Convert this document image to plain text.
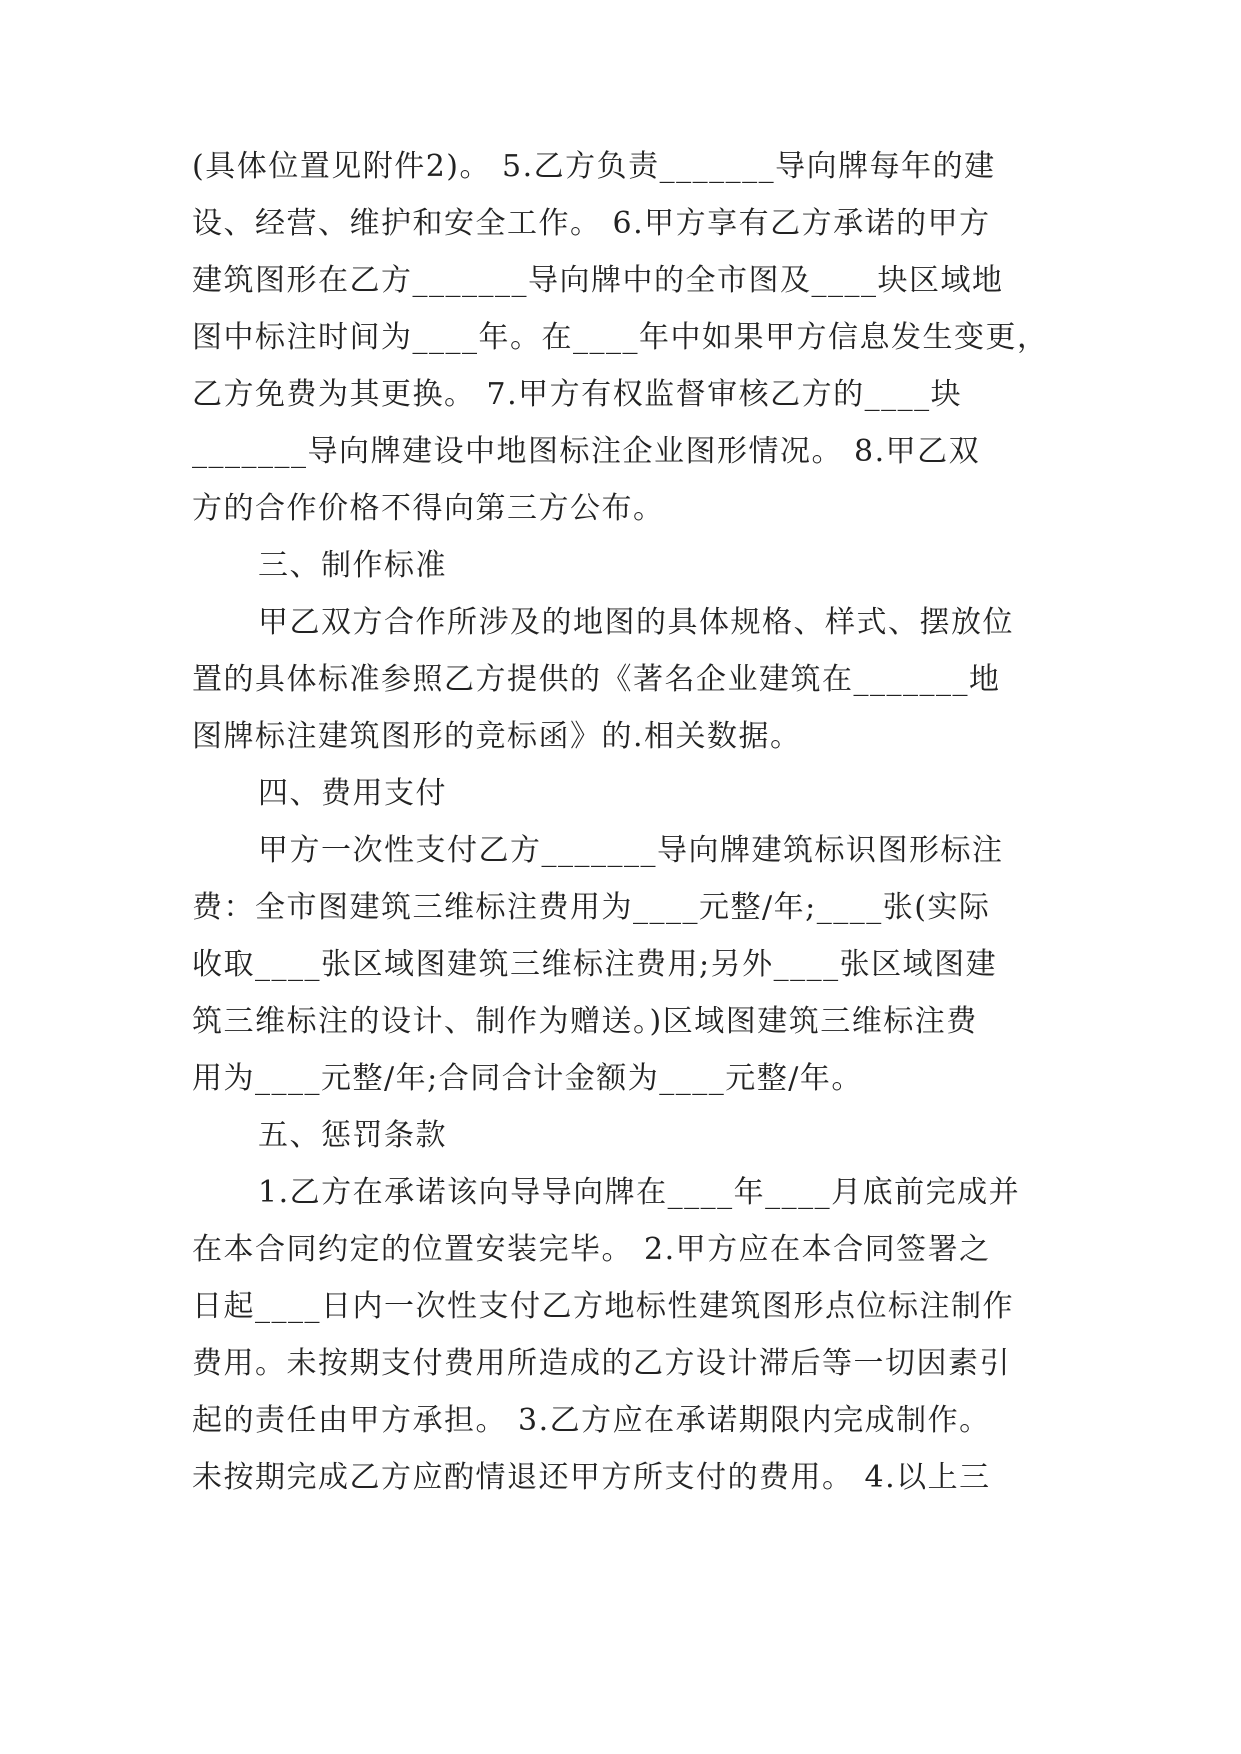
(具体位置见附件2)。 5.乙方负责_______导向牌每年的建
设、经营、维护和安全工作。 6.甲方享有乙方承诺的甲方
建筑图形在乙方_______导向牌中的全市图及____块区域地
图中标注时间为____年。在____年中如果甲方信息发生变更，
乙方免费为其更换。 7.甲方有权监督审核乙方的____块
_______导向牌建设中地图标注企业图形情况。 8.甲乙双
方的合作价格不得向第三方公布。
三、制作标准
甲乙双方合作所涉及的地图的具体规格、样式、摆放位
置的具体标准参照乙方提供的《著名企业建筑在_______地
图牌标注建筑图形的竞标函》的.相关数据。
四、费用支付
甲方一次性支付乙方_______导向牌建筑标识图形标注
费：全市图建筑三维标注费用为____元整/年;____张(实际
收取____张区域图建筑三维标注费用;另外____张区域图建
筑三维标注的设计、制作为赠送。)区域图建筑三维标注费
用为____元整/年;合同合计金额为____元整/年。
五、惩罚条款
1.乙方在承诺该向导导向牌在____年____月底前完成并
在本合同约定的位置安装完毕。 2.甲方应在本合同签署之
日起____日内一次性支付乙方地标性建筑图形点位标注制作
费用。未按期支付费用所造成的乙方设计滞后等一切因素引
起的责任由甲方承担。 3.乙方应在承诺期限内完成制作。
未按期完成乙方应酌情退还甲方所支付的费用。 4.以上三
